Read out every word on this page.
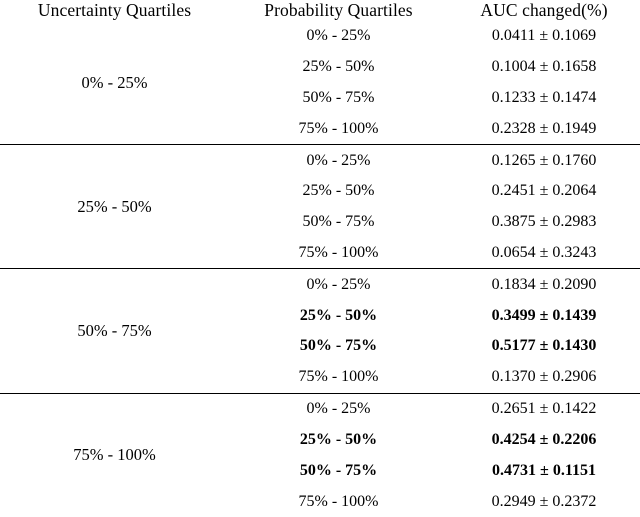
Uncertainty Quartiles	Probability Quartiles	AUC changed(%)
0% - 25%	0% - 25%	0.0411 ± 0.1069
	25% - 50%	0.1004 ± 0.1658
	50% - 75%	0.1233 ± 0.1474
	75% - 100%	0.2328 ± 0.1949
25% - 50%	0% - 25%	0.1265 ± 0.1760
	25% - 50%	0.2451 ± 0.2064
	50% - 75%	0.3875 ± 0.2983
	75% - 100%	0.0654 ± 0.3243
50% - 75%	0% - 25%	0.1834 ± 0.2090
	25% - 50%	0.3499 ± 0.1439
	50% - 75%	0.5177 ± 0.1430
	75% - 100%	0.1370 ± 0.2906
75% - 100%	0% - 25%	0.2651 ± 0.1422
	25% - 50%	0.4254 ± 0.2206
	50% - 75%	0.4731 ± 0.1151
	75% - 100%	0.2949 ± 0.2372
